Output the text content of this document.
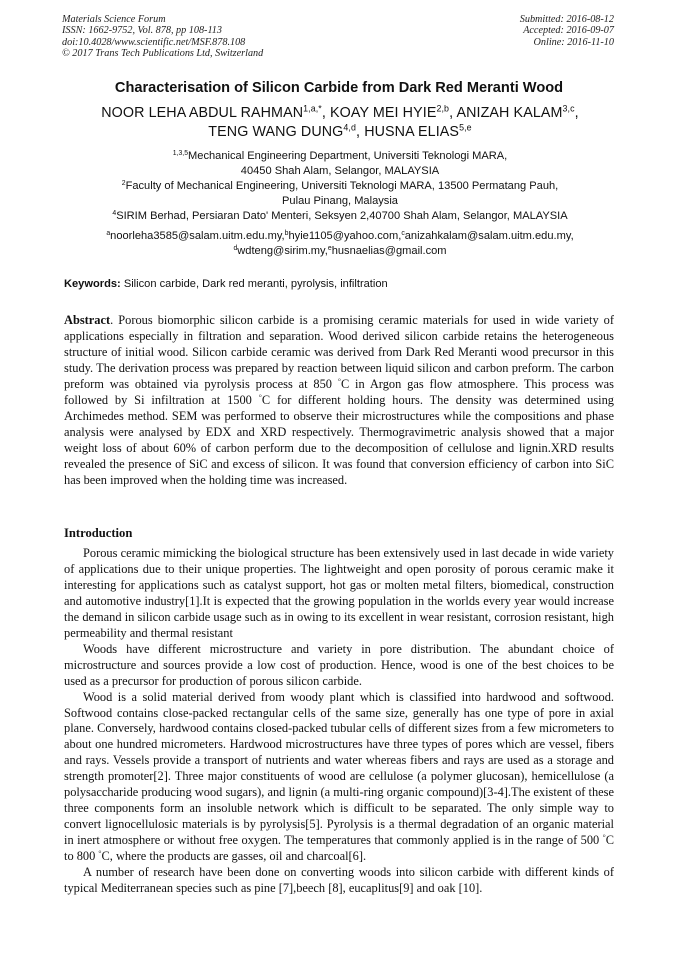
Materials Science Forum
ISSN: 1662-9752, Vol. 878, pp 108-113
doi:10.4028/www.scientific.net/MSF.878.108
© 2017 Trans Tech Publications Ltd, Switzerland
Submitted: 2016-08-12
Accepted: 2016-09-07
Online: 2016-11-10
Characterisation of Silicon Carbide from Dark Red Meranti Wood
NOOR LEHA ABDUL $RAHMAN^{1,a,*}$, KOAY MEI HYIE$^{2,b}$, ANIZAH KALAM$^{3,c}$,
TENG WANG DUNG$^{4,d}$, HUSNA ELIAS$^{5,e}$
$^{1,3,5}$Mechanical Engineering Department, Universiti Teknologi MARA,
40450 Shah Alam, Selangor, MALAYSIA
$^2$Faculty of Mechanical Engineering, Universiti Teknologi MARA, 13500 Permatang Pauh,
Pulau Pinang, Malaysia
$^4$SIRIM Berhad, Persiaran Dato' Menteri, Seksyen 2,40700 Shah Alam, Selangor, MALAYSIA
$^a$noorleha3585@salam.uitm.edu.my,$^b$hyie1105@yahoo.com,$^c$anizahkalam@salam.uitm.edu.my,
$^d$wdteng@sirim.my,$^e$husnaelias@gmail.com
Keywords: Silicon carbide, Dark red meranti, pyrolysis, infiltration

Abstract. Porous biomorphic silicon carbide is a promising ceramic materials for used in wide variety of applications especially in filtration and separation. Wood derived silicon carbide retains the heterogeneous structure of initial wood. Silicon carbide ceramic was derived from Dark Red Meranti wood precursor in this study. The derivation process was prepared by reaction between liquid silicon and carbon preform. The carbon preform was obtained via pyrolysis process at 850 °C in Argon gas flow atmosphere. This process was followed by Si infiltration at 1500 °C for different holding hours. The density was determined using Archimedes method. SEM was performed to observe their microstructures while the compositions and phase analysis were analysed by EDX and XRD respectively. Thermogravimetric analysis showed that a major weight loss of about 60% of carbon perform due to the decomposition of cellulose and lignin.XRD results revealed the presence of SiC and excess of silicon. It was found that conversion efficiency of carbon into SiC has been improved when the holding time was increased.

Introduction

Porous ceramic mimicking the biological structure has been extensively used in last decade in wide variety of applications due to their unique properties. The lightweight and open porosity of porous ceramic make it interesting for applications such as catalyst support, hot gas or molten metal filters, biomedical, construction and automotive industry[1].It is expected that the growing population in the worlds every year would increase the demand in silicon carbide usage such as in owing to its excellent in wear resistant, corrosion resistant, high permeability and thermal resistant

Woods have different microstructure and variety in pore distribution. The abundant choice of microstructure and sources provide a low cost of production. Hence, wood is one of the best choices to be used as a precursor for production of porous silicon carbide.

Wood is a solid material derived from woody plant which is classified into hardwood and softwood. Softwood contains close-packed rectangular cells of the same size, generally has one type of pore in axial plane. Conversely, hardwood contains closed-packed tubular cells of different sizes from a few micrometers to about one hundred micrometers. Hardwood microstructures have three types of pores which are vessel, fibers and rays. Vessels provide a transport of nutrients and water whereas fibers and rays are used as a storage and strength promoter[2]. Three major constituents of wood are cellulose (a polymer glucosan), hemicellulose (a polysaccharide producing wood sugars), and lignin (a multi-ring organic compound)[3-4].The existent of these three components form an insoluble network which is difficult to be separated. The only simple way to convert lignocellulosic materials is by pyrolysis[5]. Pyrolysis is a thermal degradation of an organic material in inert atmosphere or without free oxygen. The temperatures that commonly applied is in the range of 500 °C to 800 °C, where the products are gasses, oil and charcoal[6].

A number of research have been done on converting woods into silicon carbide with different kinds of typical Mediterranean species such as pine [7],beech [8], eucaplitus[9] and oak [10].
